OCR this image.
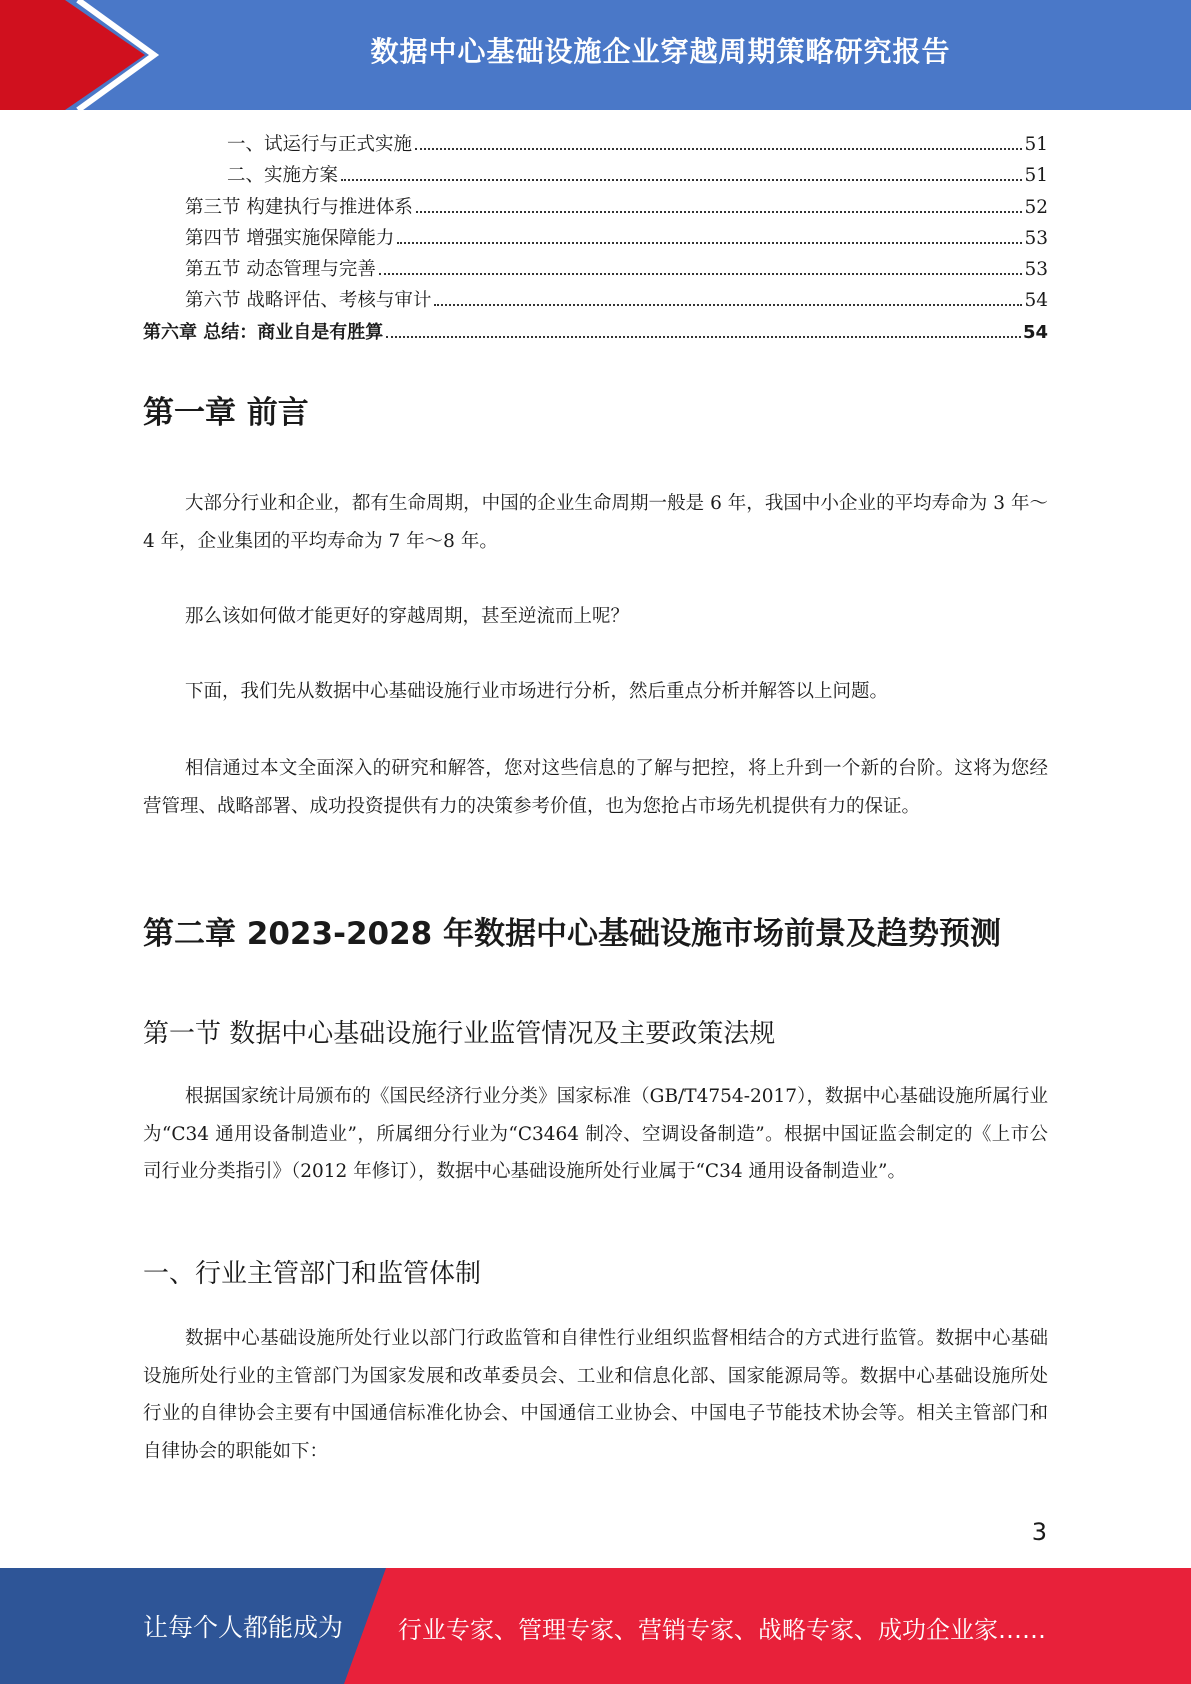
数据中心基础设施企业穿越周期策略研究报告
一、试运行与正式实施	51
二、实施方案	51
第三节 构建执行与推进体系	52
第四节 增强实施保障能力	53
第五节 动态管理与完善	53
第六节 战略评估、考核与审计	54
第六章 总结：商业自是有胜算	54
第一章 前言
大部分行业和企业，都有生命周期，中国的企业生命周期一般是 6 年，我国中小企业的平均寿命为 3 年～4 年，企业集团的平均寿命为 7 年～8 年。
那么该如何做才能更好的穿越周期，甚至逆流而上呢？
下面，我们先从数据中心基础设施行业市场进行分析，然后重点分析并解答以上问题。
相信通过本文全面深入的研究和解答，您对这些信息的了解与把控，将上升到一个新的台阶。这将为您经营管理、战略部署、成功投资提供有力的决策参考价值，也为您抢占市场先机提供有力的保证。
第二章 2023-2028 年数据中心基础设施市场前景及趋势预测
第一节 数据中心基础设施行业监管情况及主要政策法规
根据国家统计局颁布的《国民经济行业分类》国家标准（GB/T4754-2017），数据中心基础设施所属行业为“C34 通用设备制造业”，所属细分行业为“C3464 制冷、空调设备制造”。根据中国证监会制定的《上市公司行业分类指引》（2012 年修订），数据中心基础设施所处行业属于“C34 通用设备制造业”。
一、行业主管部门和监管体制
数据中心基础设施所处行业以部门行政监管和自律性行业组织监督相结合的方式进行监管。数据中心基础设施所处行业的主管部门为国家发展和改革委员会、工业和信息化部、国家能源局等。数据中心基础设施所处行业的自律协会主要有中国通信标准化协会、中国通信工业协会、中国电子节能技术协会等。相关主管部门和自律协会的职能如下：
3
让每个人都能成为 行业专家、管理专家、营销专家、战略专家、成功企业家……
